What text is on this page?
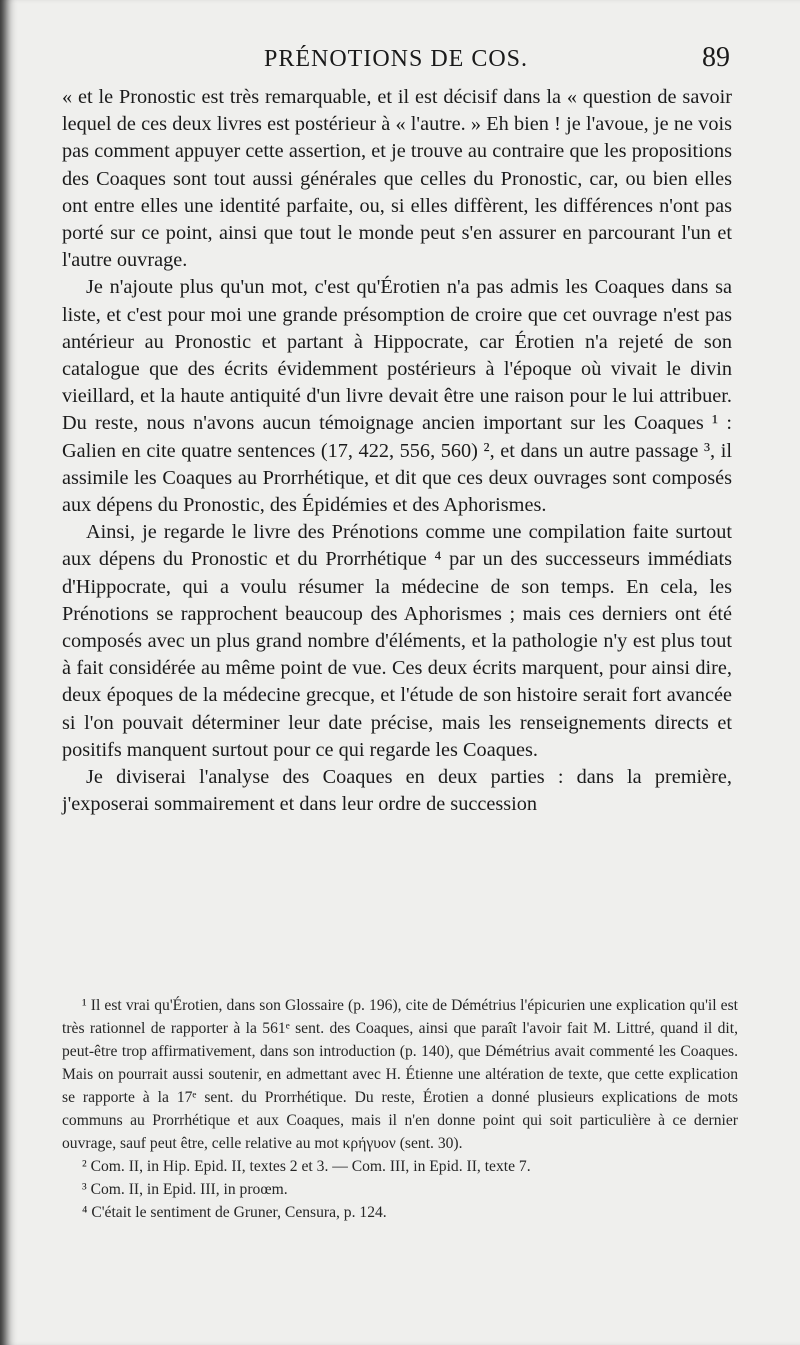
PRÉNOTIONS DE COS.	89

« et le Pronostic est très remarquable, et il est décisif dans la « question de savoir lequel de ces deux livres est postérieur à « l'autre. » Eh bien ! je l'avoue, je ne vois pas comment appuyer cette assertion, et je trouve au contraire que les propositions des Coaques sont tout aussi générales que celles du Pronostic, car, ou bien elles ont entre elles une identité parfaite, ou, si elles diffèrent, les différences n'ont pas porté sur ce point, ainsi que tout le monde peut s'en assurer en parcourant l'un et l'autre ouvrage.

Je n'ajoute plus qu'un mot, c'est qu'Érotien n'a pas admis les Coaques dans sa liste, et c'est pour moi une grande présomption de croire que cet ouvrage n'est pas antérieur au Pronostic et partant à Hippocrate, car Érotien n'a rejeté de son catalogue que des écrits évidemment postérieurs à l'époque où vivait le divin vieillard, et la haute antiquité d'un livre devait être une raison pour le lui attribuer. Du reste, nous n'avons aucun témoignage ancien important sur les Coaques ¹ : Galien en cite quatre sentences (17, 422, 556, 560) ², et dans un autre passage ³, il assimile les Coaques au Prorrhétique, et dit que ces deux ouvrages sont composés aux dépens du Pronostic, des Épidémies et des Aphorismes.

Ainsi, je regarde le livre des Prénotions comme une compilation faite surtout aux dépens du Pronostic et du Prorrhétique ⁴ par un des successeurs immédiats d'Hippocrate, qui a voulu résumer la médecine de son temps. En cela, les Prénotions se rapprochent beaucoup des Aphorismes ; mais ces derniers ont été composés avec un plus grand nombre d'éléments, et la pathologie n'y est plus tout à fait considérée au même point de vue. Ces deux écrits marquent, pour ainsi dire, deux époques de la médecine grecque, et l'étude de son histoire serait fort avancée si l'on pouvait déterminer leur date précise, mais les renseignements directs et positifs manquent surtout pour ce qui regarde les Coaques.

Je diviserai l'analyse des Coaques en deux parties : dans la première, j'exposerai sommairement et dans leur ordre de succession

¹ Il est vrai qu'Érotien, dans son Glossaire (p. 196), cite de Démétrius l'épicurien une explication qu'il est très rationnel de rapporter à la 561ᵉ sent. des Coaques, ainsi que paraît l'avoir fait M. Littré, quand il dit, peut-être trop affirmativement, dans son introduction (p. 140), que Démétrius avait commenté les Coaques. Mais on pourrait aussi soutenir, en admettant avec H. Étienne une altération de texte, que cette explication se rapporte à la 17ᵉ sent. du Prorrhétique. Du reste, Érotien a donné plusieurs explications de mots communs au Prorrhétique et aux Coaques, mais il n'en donne point qui soit particulière à ce dernier ouvrage, sauf peut être, celle relative au mot κρήγυον (sent. 30).

² Com. II, in Hip. Epid. II, textes 2 et 3. — Com. III, in Epid. II, texte 7.

³ Com. II, in Epid. III, in proœm.

⁴ C'était le sentiment de Gruner, Censura, p. 124.
